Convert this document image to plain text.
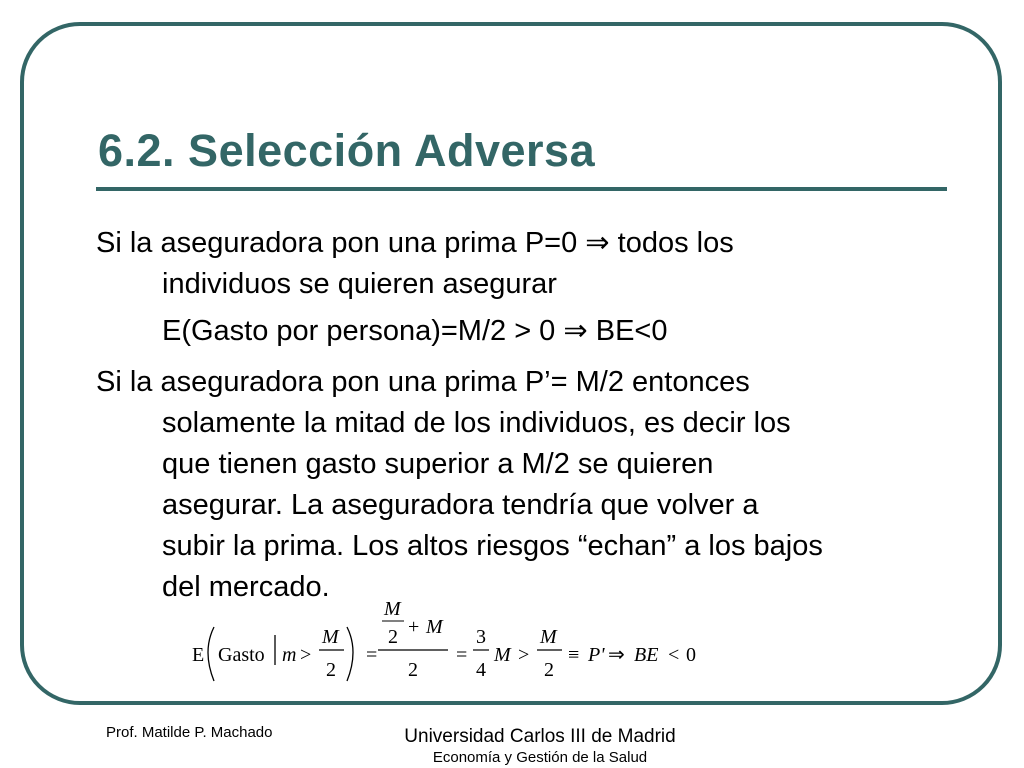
6.2. Selección Adversa
Si la aseguradora pon una prima P=0 ⇒ todos los
individuos se quieren asegurar
E(Gasto por persona)=M/2 > 0 ⇒ BE<0
Si la aseguradora pon una prima P’= M/2 entonces
solamente la mitad de los individuos, es decir los
que tienen gasto superior a M/2 se quieren
asegurar. La aseguradora tendría que volver a
subir la prima. Los altos riesgos “echan” a los bajos
del mercado.
E Gasto m >
M
2
=
M
2 + M
2
=
3
4
M >
M
2
≡ P' ⇒ BE < 0
Prof. Matilde P. Machado	Universidad Carlos III de Madrid
Economía y Gestión de la Salud
